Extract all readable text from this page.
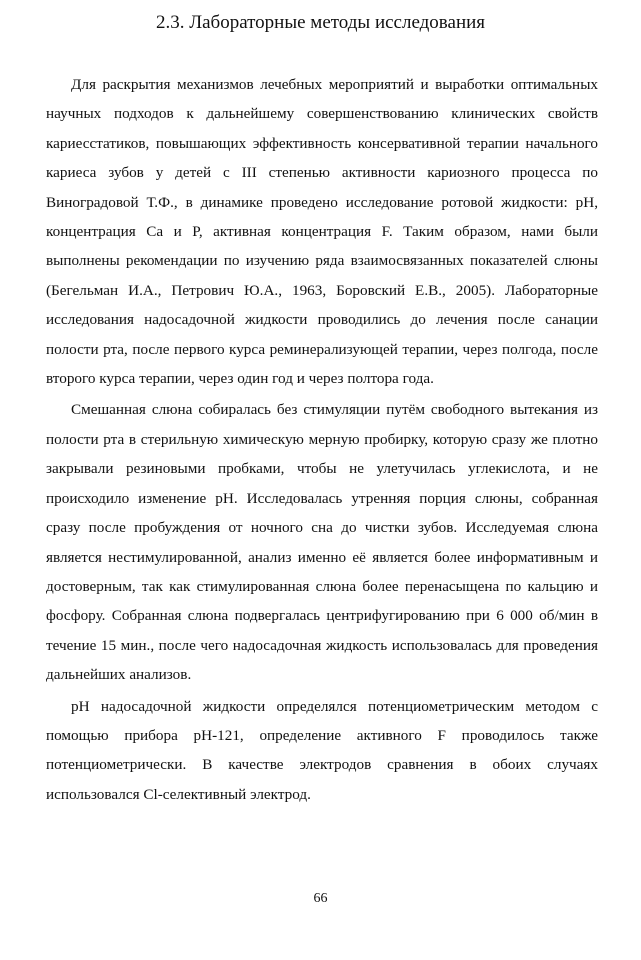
2.3. Лабораторные методы исследования

Для раскрытия механизмов лечебных мероприятий и выработки оптимальных научных подходов к дальнейшему совершенствованию клинических свойств кариесстатиков, повышающих эффективность консервативной терапии начального кариеса зубов у детей с III степенью активности кариозного процесса по Виноградовой Т.Ф., в динамике проведено исследование ротовой жидкости: pH, концентрация Са и Р, активная концентрация F. Таким образом, нами были выполнены рекомендации по изучению ряда взаимосвязанных показателей слюны (Бегельман И.А., Петрович Ю.А., 1963, Боровский Е.В., 2005). Лабораторные исследования надосадочной жидкости проводились до лечения после санации полости рта, после первого курса реминерализующей терапии, через полгода, после второго курса терапии, через один год и через полтора года.

Смешанная слюна собиралась без стимуляции путём свободного вытекания из полости рта в стерильную химическую мерную пробирку, которую сразу же плотно закрывали резиновыми пробками, чтобы не улетучилась углекислота, и не происходило изменение pH. Исследовалась утренняя порция слюны, собранная сразу после пробуждения от ночного сна до чистки зубов. Исследуемая слюна является нестимулированной, анализ именно её является более информативным и достоверным, так как стимулированная слюна более перенасыщена по кальцию и фосфору. Собранная слюна подвергалась центрифугированию при 6 000 об/мин в течение 15 мин., после чего надосадочная жидкость использовалась для проведения дальнейших анализов.

pH надосадочной жидкости определялся потенциометрическим методом с помощью прибора pH-121, определение активного F проводилось также потенциометрически. В качестве электродов сравнения в обоих случаях использовался Cl-селективный электрод.

66
